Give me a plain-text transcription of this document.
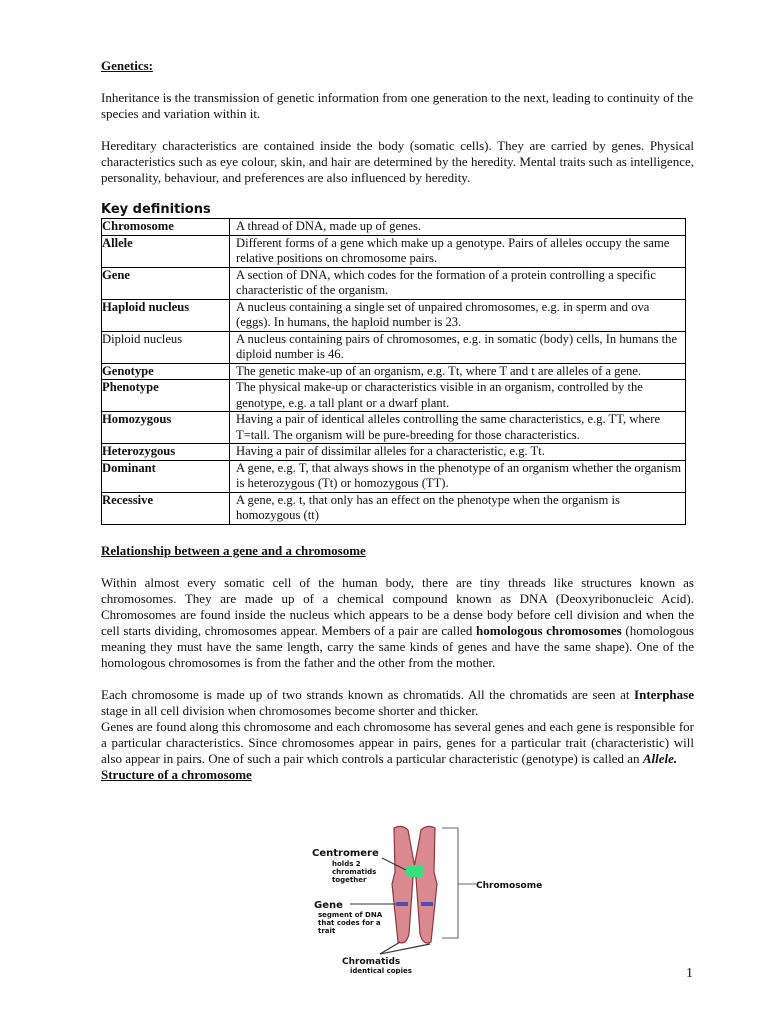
Genetics:

Inheritance is the transmission of genetic information from one generation to the next, leading to continuity of the species and variation within it.

Hereditary characteristics are contained inside the body (somatic cells). They are carried by genes. Physical characteristics such as eye colour, skin, and hair are determined by the heredity. Mental traits such as intelligence, personality, behaviour, and preferences are also influenced by heredity.

Key definitions
Chromosome	A thread of DNA, made up of genes.
Allele	Different forms of a gene which make up a genotype. Pairs of alleles occupy the same relative positions on chromosome pairs.
Gene	A section of DNA, which codes for the formation of a protein controlling a specific characteristic of the organism.
Haploid nucleus	A nucleus containing a single set of unpaired chromosomes, e.g. in sperm and ova (eggs). In humans, the haploid number is 23.
Diploid nucleus	A nucleus containing pairs of chromosomes, e.g. in somatic (body) cells, In humans the diploid number is 46.
Genotype	The genetic make-up of an organism, e.g. Tt, where T and t are alleles of a gene.
Phenotype	The physical make-up or characteristics visible in an organism, controlled by the genotype, e.g. a tall plant or a dwarf plant.
Homozygous	Having a pair of identical alleles controlling the same characteristics, e.g. TT, where T=tall. The organism will be pure-breeding for those characteristics.
Heterozygous	Having a pair of dissimilar alleles for a characteristic, e.g. Tt.
Dominant	A gene, e.g. T, that always shows in the phenotype of an organism whether the organism is heterozygous (Tt) or homozygous (TT).
Recessive	A gene, e.g. t, that only has an effect on the phenotype when the organism is homozygous (tt)
Relationship between a gene and a chromosome

Within almost every somatic cell of the human body, there are tiny threads like structures known as chromosomes. They are made up of a chemical compound known as DNA (Deoxyribonucleic Acid). Chromosomes are found inside the nucleus which appears to be a dense body before cell division and when the cell starts dividing, chromosomes appear. Members of a pair are called homologous chromosomes (homologous meaning they must have the same length, carry the same kinds of genes and have the same shape). One of the homologous chromosomes is from the father and the other from the mother.

Each chromosome is made up of two strands known as chromatids. All the chromatids are seen at Interphase stage in all cell division when chromosomes become shorter and thicker.

Genes are found along this chromosome and each chromosome has several genes and each gene is responsible for a particular characteristics. Since chromosomes appear in pairs, genes for a particular trait (characteristic) will also appear in pairs. One of such a pair which controls a particular characteristic (genotype) is called an Allele.

Structure of a chromosome
Centromere
holds 2
chromatids
together
Gene
segment of DNA
that codes for a
trait
Chromosome
Chromatids
identical copies	1
